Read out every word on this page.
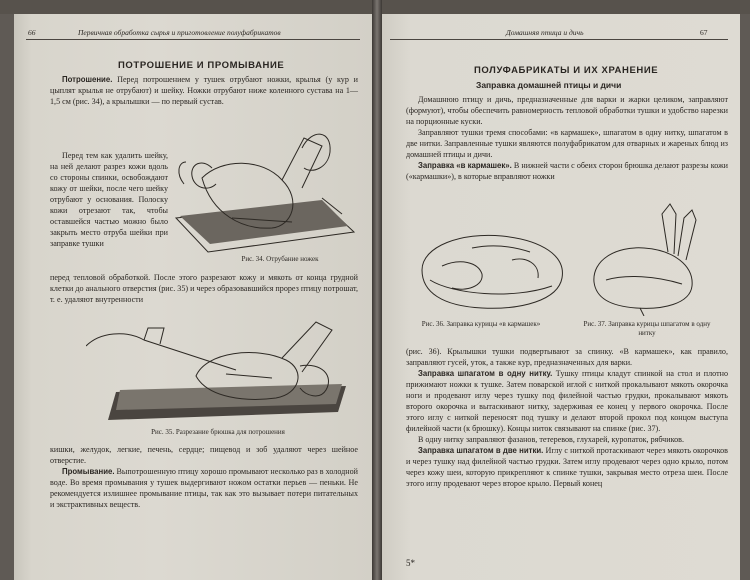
66	Первичная обработка сырья и приготовление полуфабрикатов
ПОТРОШЕНИЕ И ПРОМЫВАНИЕ

Потрошение. Перед потрошением у тушек отрубают ножки, крылья (у кур и цыплят крылья не отрубают) и шейку. Ножки отрубают ниже коленного сустава на 1—1,5 см (рис. 34), а крылышки — по первый сустав.

Рис. 34. Отрубание ножек

Перед тем как удалить шейку, на ней делают разрез кожи вдоль со стороны спинки, освобождают кожу от шейки, после чего шейку отрубают у основания. Полоску кожи отрезают так, чтобы оставшейся частью можно было закрыть место отруба шейки при заправке тушки

перед тепловой обработкой. После этого разрезают кожу и мякоть от конца грудной клетки до анального отверстия (рис. 35) и через образовавшийся прорез птицу потрошат, т. е. удаляют внутренности

Рис. 35. Разрезание брюшка для потрошения

кишки, желудок, легкие, печень, сердце; пищевод и зоб удаляют через шейное отверстие.

Промывание. Выпотрошенную птицу хорошо промывают несколько раз в холодной воде. Во время промывания у тушек выдергивают ножом остатки перьев — пеньки. Не рекомендуется излишнее промывание птицы, так как это вызывает потери питательных и экстрактивных веществ.

Домашняя птица и дичь	67
ПОЛУФАБРИКАТЫ И ИХ ХРАНЕНИЕ
Заправка домашней птицы и дичи

Домашнюю птицу и дичь, предназначенные для варки и жарки целиком, заправляют (формуют), чтобы обеспечить равномерность тепловой обработки тушки и удобство нарезки на порционные куски.

Заправляют тушки тремя способами: «в кармашек», шпагатом в одну нитку, шпагатом в две нитки. Заправленные тушки являются полуфабрикатом для отварных и жареных блюд из домашней птицы и дичи.

Заправка «в кармашек». В нижней части с обеих сторон брюшка делают разрезы кожи («кармашки»), в которые вправляют ножки

Рис. 36. Заправка курицы «в кармашек»	Рис. 37. Заправка курицы шпагатом в одну нитку

(рис. 36). Крылышки тушки подвертывают за спинку. «В кармашек», как правило, заправляют гусей, уток, а также кур, предназначенных для варки.

Заправка шпагатом в одну нитку. Тушку птицы кладут спинкой на стол и плотно прижимают ножки к тушке. Затем поварской иглой с ниткой прокалывают мякоть окорочка ноги и продевают иглу через тушку под филейной частью грудки, прокалывают мякоть второго окорочка и вытаскивают нитку, задерживая ее конец у первого окорочка. После этого иглу с ниткой переносят под тушку и делают второй прокол под концом выступа филейной части (к брюшку). Концы ниток связывают на спинке (рис. 37).

В одну нитку заправляют фазанов, тетеревов, глухарей, куропаток, рябчиков.

Заправка шпагатом в две нитки. Иглу с ниткой протаскивают через мякоть окорочков и через тушку над филейной частью грудки. Затем иглу продевают через одно крыло, потом через кожу шеи, которую прикрепляют к спинке тушки, закрывая место отреза шеи. После этого иглу продевают через второе крыло. Первый конец

5*
